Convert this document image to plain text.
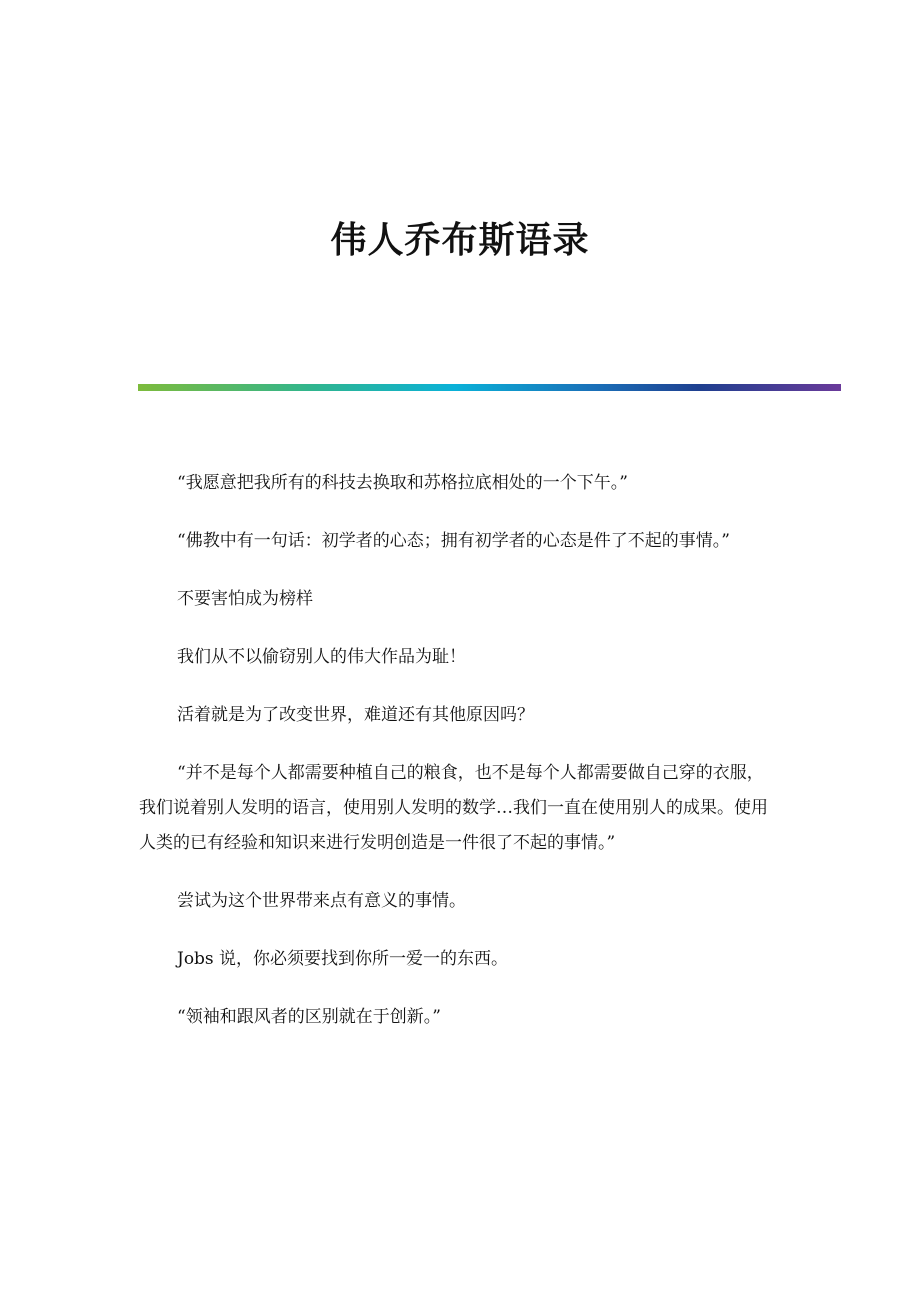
伟人乔布斯语录

“我愿意把我所有的科技去换取和苏格拉底相处的一个下午。”

“佛教中有一句话：初学者的心态；拥有初学者的心态是件了不起的事情。”

不要害怕成为榜样

我们从不以偷窃别人的伟大作品为耻！

活着就是为了改变世界，难道还有其他原因吗？

“并不是每个人都需要种植自己的粮食，也不是每个人都需要做自己穿的衣服，我们说着别人发明的语言，使用别人发明的数学…我们一直在使用别人的成果。使用人类的已有经验和知识来进行发明创造是一件很了不起的事情。”

尝试为这个世界带来点有意义的事情。

Jobs 说，你必须要找到你所一爱一的东西。

“领袖和跟风者的区别就在于创新。”
